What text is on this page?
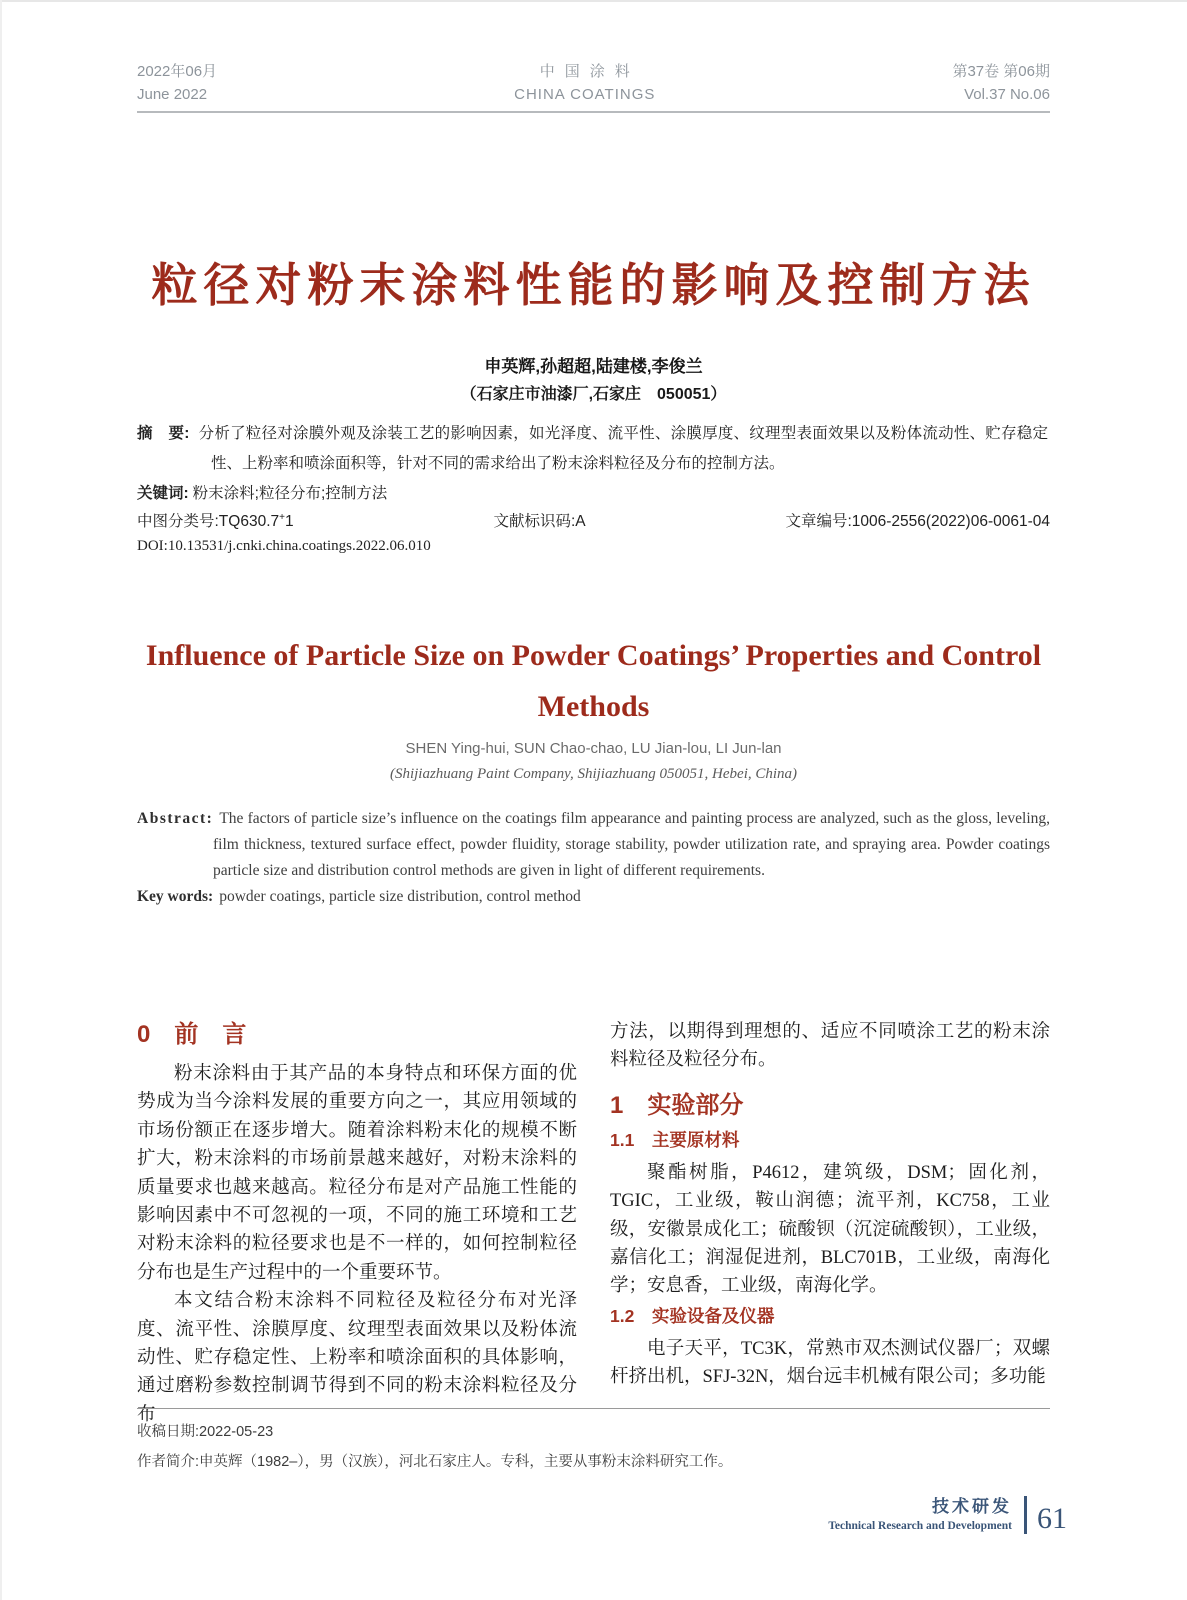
2022年06月
June 2022
中国涂料
CHINA COATINGS
第37卷 第06期
Vol.37 No.06
粒径对粉末涂料性能的影响及控制方法
申英辉,孙超超,陆建楼,李俊兰
（石家庄市油漆厂,石家庄　050051）
摘　要: 分析了粒径对涂膜外观及涂装工艺的影响因素，如光泽度、流平性、涂膜厚度、纹理型表面效果以及粉体流动性、贮存稳定性、上粉率和喷涂面积等，针对不同的需求给出了粉末涂料粒径及分布的控制方法。
关键词: 粉末涂料;粒径分布;控制方法
中图分类号:TQ630.7+1	文献标识码:A	文章编号:1006-2556(2022)06-0061-04
DOI:10.13531/j.cnki.china.coatings.2022.06.010
Influence of Particle Size on Powder Coatings’ Properties and Control Methods
SHEN Ying-hui, SUN Chao-chao, LU Jian-lou, LI Jun-lan
(Shijiazhuang Paint Company, Shijiazhuang 050051, Hebei, China)

Abstract: The factors of particle size’s influence on the coatings film appearance and painting process are analyzed, such as the gloss, leveling, film thickness, textured surface effect, powder fluidity, storage stability, powder utilization rate, and spraying area. Powder coatings particle size and distribution control methods are given in light of different requirements.

Key words: powder coatings, particle size distribution, control method

0　前　言

粉末涂料由于其产品的本身特点和环保方面的优势成为当今涂料发展的重要方向之一，其应用领域的市场份额正在逐步增大。随着涂料粉末化的规模不断扩大，粉末涂料的市场前景越来越好，对粉末涂料的质量要求也越来越高。粒径分布是对产品施工性能的影响因素中不可忽视的一项，不同的施工环境和工艺对粉末涂料的粒径要求也是不一样的，如何控制粒径分布也是生产过程中的一个重要环节。

本文结合粉末涂料不同粒径及粒径分布对光泽度、流平性、涂膜厚度、纹理型表面效果以及粉体流动性、贮存稳定性、上粉率和喷涂面积的具体影响，通过磨粉参数控制调节得到不同的粉末涂料粒径及分布

方法，以期得到理想的、适应不同喷涂工艺的粉末涂料粒径及粒径分布。

1　实验部分
1.1　主要原材料

聚酯树脂，P4612，建筑级，DSM；固化剂，TGIC，工业级，鞍山润德；流平剂，KC758，工业级，安徽景成化工；硫酸钡（沉淀硫酸钡），工业级，嘉信化工；润湿促进剂，BLC701B，工业级，南海化学；安息香，工业级，南海化学。

1.2　实验设备及仪器

电子天平，TC3K，常熟市双杰测试仪器厂；双螺杆挤出机，SFJ-32N，烟台远丰机械有限公司；多功能

收稿日期:2022-05-23
作者简介:申英辉（1982–），男（汉族），河北石家庄人。专科，主要从事粉末涂料研究工作。
技术研发
Technical Research and Development 61
